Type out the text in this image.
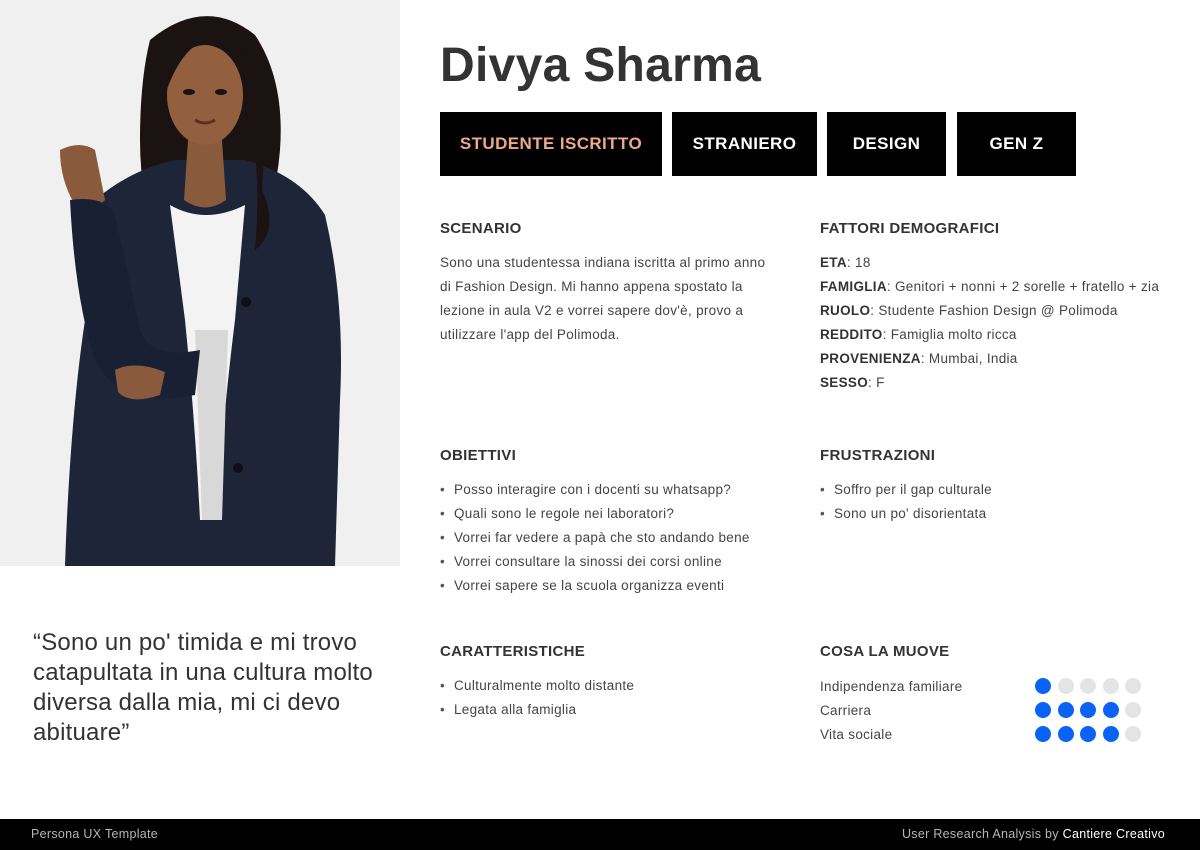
“Sono un po' timida e mi trovo catapultata in una cultura molto diversa dalla mia, mi ci devo abituare”
Divya Sharma
STUDENTE ISCRITTO	STRANIERO	DESIGN	GEN Z
SCENARIO

Sono una studentessa indiana iscritta al primo anno di Fashion Design. Mi hanno appena spostato la lezione in aula V2 e vorrei sapere dov'è, provo a utilizzare l'app del Polimoda.

FATTORI DEMOGRAFICI
ETA: 18
FAMIGLIA: Genitori + nonni + 2 sorelle + fratello + zia
RUOLO: Studente Fashion Design @ Polimoda
REDDITO: Famiglia molto ricca
PROVENIENZA: Mumbai, India
SESSO: F
OBIETTIVI
• Posso interagire con i docenti su whatsapp?
• Quali sono le regole nei laboratori?
• Vorrei far vedere a papà che sto andando bene
• Vorrei consultare la sinossi dei corsi online
• Vorrei sapere se la scuola organizza eventi
FRUSTRAZIONI
• Soffro per il gap culturale
• Sono un po' disorientata
CARATTERISTICHE
• Culturalmente molto distante
• Legata alla famiglia
COSA LA MUOVE
Indipendenza familiare
Carriera
Vita sociale
Persona UX Template	User Research Analysis by Cantiere Creativo
